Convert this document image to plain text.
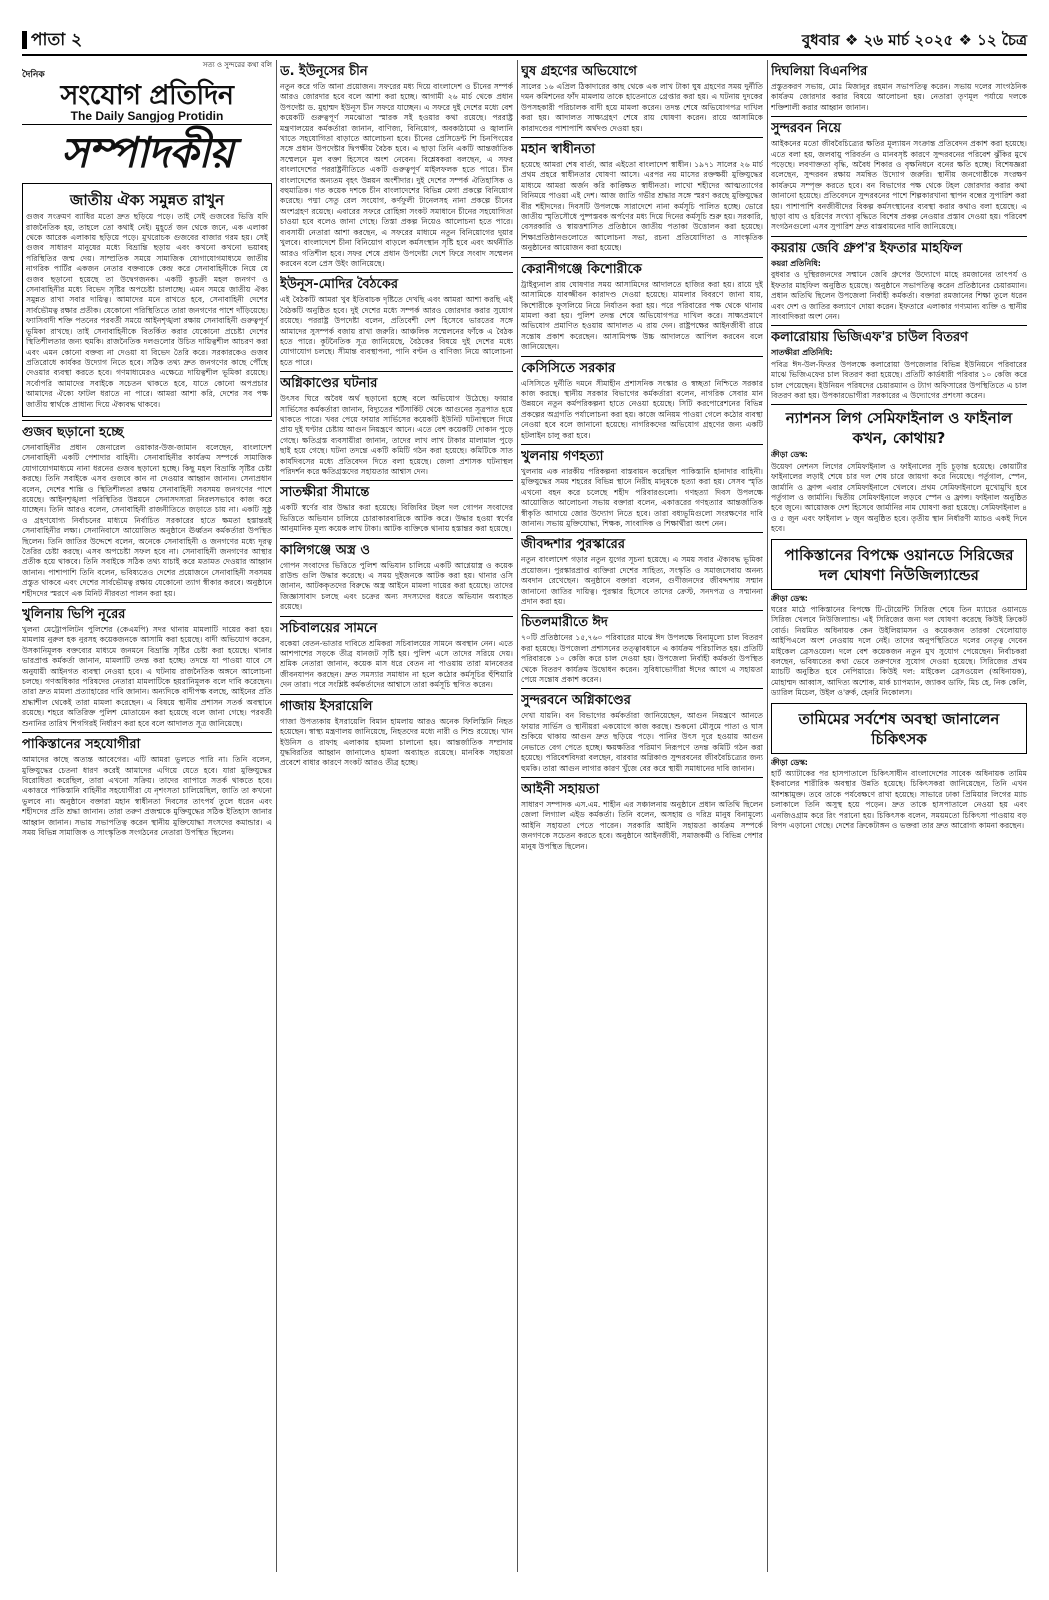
পাতা ২	বুধবার ❖ ২৬ মার্চ ২০২৫ ❖ ১২ চৈত্র
সত্য ও সুন্দরের কথা বলি
দৈনিক
সংযোগ প্রতিদিন
The Daily Sangjog Protidin
সম্পাদকীয়
জাতীয় ঐক্য সমুন্নত রাখুন

গুজব সংক্রমণ ব্যাধির মতো দ্রুত ছড়িয়ে পড়ে। তাই সেই গুজবের ভিত্তি যদি রাজনৈতিক হয়, তাহলে তো কথাই নেই। মুহূর্তে জন থেকে জনে, এক এলাকা থেকে আরেক এলাকায় ছড়িয়ে পড়ে। মুখরোচক গুজবের বাজার গরম হয়। সেই গুজব সাধারণ মানুষের মধ্যে বিভ্রান্তি ছড়ায় এবং কখনো কখনো ভয়াবহ পরিস্থিতির জন্ম দেয়। সাম্প্রতিক সময়ে সামাজিক যোগাযোগমাধ্যমে জাতীয় নাগরিক পার্টির একজন নেতার বক্তব্যকে কেন্দ্র করে সেনাবাহিনীকে নিয়ে যে গুজব ছড়ানো হয়েছে তা উদ্বেগজনক। একটি কুচক্রী মহল জনগণ ও সেনাবাহিনীর মধ্যে বিভেদ সৃষ্টির অপচেষ্টা চালাচ্ছে। এমন সময়ে জাতীয় ঐক্য সমুন্নত রাখা সবার দায়িত্ব। আমাদের মনে রাখতে হবে, সেনাবাহিনী দেশের সার্বভৌমত্ব রক্ষার প্রতীক। যেকোনো পরিস্থিতিতে তারা জনগণের পাশে দাঁড়িয়েছে। ফ্যাসিবাদী শক্তি পতনের পরবর্তী সময়ে আইনশৃঙ্খলা রক্ষায় সেনাবাহিনী গুরুত্বপূর্ণ ভূমিকা রাখছে। তাই সেনাবাহিনীকে বিতর্কিত করার যেকোনো প্রচেষ্টা দেশের স্থিতিশীলতার জন্য হুমকি। রাজনৈতিক দলগুলোর উচিত দায়িত্বশীল আচরণ করা এবং এমন কোনো বক্তব্য না দেওয়া যা বিভেদ তৈরি করে। সরকারকেও গুজব প্রতিরোধে কার্যকর উদ্যোগ নিতে হবে। সঠিক তথ্য দ্রুত জনগণের কাছে পৌঁছে দেওয়ার ব্যবস্থা করতে হবে। গণমাধ্যমেরও এক্ষেত্রে দায়িত্বশীল ভূমিকা রয়েছে। সর্বোপরি আমাদের সবাইকে সচেতন থাকতে হবে, যাতে কোনো অপপ্রচার আমাদের ঐক্যে ফাটল ধরাতে না পারে। আমরা আশা করি, দেশের সব পক্ষ জাতীয় স্বার্থকে প্রাধান্য দিয়ে ঐক্যবদ্ধ থাকবে।

গুজব ছড়ানো হচ্ছে

সেনাবাহিনীর প্রধান জেনারেল ওয়াকার-উজ-জামান বলেছেন, বাংলাদেশ সেনাবাহিনী একটি পেশাদার বাহিনী। সেনাবাহিনীর কার্যক্রম সম্পর্কে সামাজিক যোগাযোগমাধ্যমে নানা ধরনের গুজব ছড়ানো হচ্ছে। কিছু মহল বিভ্রান্তি সৃষ্টির চেষ্টা করছে। তিনি সবাইকে এসব গুজবে কান না দেওয়ার আহ্বান জানান। সেনাপ্রধান বলেন, দেশের শান্তি ও স্থিতিশীলতা রক্ষায় সেনাবাহিনী সবসময় জনগণের পাশে রয়েছে। আইনশৃঙ্খলা পরিস্থিতির উন্নয়নে সেনাসদস্যরা নিরলসভাবে কাজ করে যাচ্ছেন। তিনি আরও বলেন, সেনাবাহিনী রাজনীতিতে জড়াতে চায় না। একটি সুষ্ঠু ও গ্রহণযোগ্য নির্বাচনের মাধ্যমে নির্বাচিত সরকারের হাতে ক্ষমতা হস্তান্তরই সেনাবাহিনীর লক্ষ্য। সেনানিবাসে আয়োজিত অনুষ্ঠানে ঊর্ধ্বতন কর্মকর্তারা উপস্থিত ছিলেন। তিনি জাতির উদ্দেশে বলেন, অনেকে সেনাবাহিনী ও জনগণের মধ্যে দূরত্ব তৈরির চেষ্টা করছে। এসব অপচেষ্টা সফল হবে না। সেনাবাহিনী জনগণের আস্থার প্রতীক হয়ে থাকবে। তিনি সবাইকে সঠিক তথ্য যাচাই করে মতামত দেওয়ার আহ্বান জানান। পাশাপাশি তিনি বলেন, ভবিষ্যতেও দেশের প্রয়োজনে সেনাবাহিনী সবসময় প্রস্তুত থাকবে এবং দেশের সার্বভৌমত্ব রক্ষায় যেকোনো ত্যাগ স্বীকার করবে। অনুষ্ঠানে শহীদদের স্মরণে এক মিনিট নীরবতা পালন করা হয়।

খুলিনায় ভিপি নূরের

খুলনা মেট্রোপলিটন পুলিশের (কেএমপি) সদর থানায় মামলাটি দায়ের করা হয়। মামলায় নুরুল হক নুরসহ কয়েকজনকে আসামি করা হয়েছে। বাদী অভিযোগ করেন, উসকানিমূলক বক্তব্যের মাধ্যমে জনমনে বিভ্রান্তি সৃষ্টির চেষ্টা করা হয়েছে। থানার ভারপ্রাপ্ত কর্মকর্তা জানান, মামলাটি তদন্ত করা হচ্ছে। তদন্তে যা পাওয়া যাবে সে অনুযায়ী আইনগত ব্যবস্থা নেওয়া হবে। এ ঘটনায় রাজনৈতিক অঙ্গনে আলোচনা চলছে। গণঅধিকার পরিষদের নেতারা মামলাটিকে হয়রানিমূলক বলে দাবি করেছেন। তারা দ্রুত মামলা প্রত্যাহারের দাবি জানান। অন্যদিকে বাদীপক্ষ বলছে, আইনের প্রতি শ্রদ্ধাশীল থেকেই তারা মামলা করেছেন। এ বিষয়ে স্থানীয় প্রশাসন সতর্ক অবস্থানে রয়েছে। শহরে অতিরিক্ত পুলিশ মোতায়েন করা হয়েছে বলে জানা গেছে। পরবর্তী শুনানির তারিখ শিগগিরই নির্ধারণ করা হবে বলে আদালত সূত্র জানিয়েছে।

পাকিস্তানের সহযোগীরা

আমাদের কাছে অত্যন্ত আবেগের। এটি আমরা ভুলতে পারি না। তিনি বলেন, মুক্তিযুদ্ধের চেতনা ধারণ করেই আমাদের এগিয়ে যেতে হবে। যারা মুক্তিযুদ্ধের বিরোধিতা করেছিল, তারা এখনো সক্রিয়। তাদের ব্যাপারে সতর্ক থাকতে হবে। একাত্তরে পাকিস্তানি বাহিনীর সহযোগীরা যে নৃশংসতা চালিয়েছিল, জাতি তা কখনো ভুলবে না। অনুষ্ঠানে বক্তারা মহান স্বাধীনতা দিবসের তাৎপর্য তুলে ধরেন এবং শহীদদের প্রতি শ্রদ্ধা জানান। তারা তরুণ প্রজন্মকে মুক্তিযুদ্ধের সঠিক ইতিহাস জানার আহ্বান জানান। সভায় সভাপতিত্ব করেন স্থানীয় মুক্তিযোদ্ধা সংসদের কমান্ডার। এ সময় বিভিন্ন সামাজিক ও সাংস্কৃতিক সংগঠনের নেতারা উপস্থিত ছিলেন।

ড. ইউনূসের চীন

নতুন করে গতি আনা প্রয়োজন। সফরের মধ্য দিয়ে বাংলাদেশ ও চীনের সম্পর্ক আরও জোরদার হবে বলে আশা করা হচ্ছে। আগামী ২৬ মার্চ থেকে প্রধান উপদেষ্টা ড. মুহাম্মদ ইউনূস চীন সফরে যাচ্ছেন। এ সফরে দুই দেশের মধ্যে বেশ কয়েকটি গুরুত্বপূর্ণ সমঝোতা স্মারক সই হওয়ার কথা রয়েছে। পররাষ্ট্র মন্ত্রণালয়ের কর্মকর্তারা জানান, বাণিজ্য, বিনিয়োগ, অবকাঠামো ও জ্বালানি খাতে সহযোগিতা বাড়াতে আলোচনা হবে। চীনের প্রেসিডেন্ট শি চিনপিংয়ের সঙ্গে প্রধান উপদেষ্টার দ্বিপক্ষীয় বৈঠক হবে। এ ছাড়া তিনি একটি আন্তর্জাতিক সম্মেলনে মূল বক্তা হিসেবে অংশ নেবেন। বিশ্লেষকরা বলছেন, এ সফর বাংলাদেশের পররাষ্ট্রনীতিতে একটি গুরুত্বপূর্ণ মাইলফলক হতে পারে। চীন বাংলাদেশের অন্যতম বৃহৎ উন্নয়ন অংশীদার। দুই দেশের সম্পর্ক ঐতিহাসিক ও বহুমাত্রিক। গত কয়েক দশকে চীন বাংলাদেশের বিভিন্ন মেগা প্রকল্পে বিনিয়োগ করেছে। পদ্মা সেতু রেল সংযোগ, কর্ণফুলী টানেলসহ নানা প্রকল্পে চীনের অংশগ্রহণ রয়েছে। এবারের সফরে রোহিঙ্গা সংকট সমাধানে চীনের সহযোগিতা চাওয়া হবে বলেও জানা গেছে। তিস্তা প্রকল্প নিয়েও আলোচনা হতে পারে। ব্যবসায়ী নেতারা আশা করছেন, এ সফরের মাধ্যমে নতুন বিনিয়োগের দুয়ার খুলবে। বাংলাদেশে চীনা বিনিয়োগ বাড়লে কর্মসংস্থান সৃষ্টি হবে এবং অর্থনীতি আরও গতিশীল হবে। সফর শেষে প্রধান উপদেষ্টা দেশে ফিরে সংবাদ সম্মেলন করবেন বলে প্রেস উইং জানিয়েছে।

ইউনূস-মোদির বৈঠকের

এই বৈঠকটি আমরা খুব ইতিবাচক দৃষ্টিতে দেখছি এবং আমরা আশা করছি এই বৈঠকটি অনুষ্ঠিত হবে। দুই দেশের মধ্যে সম্পর্ক আরও জোরদার করার সুযোগ রয়েছে। পররাষ্ট্র উপদেষ্টা বলেন, প্রতিবেশী দেশ হিসেবে ভারতের সঙ্গে আমাদের সুসম্পর্ক বজায় রাখা জরুরি। আঞ্চলিক সম্মেলনের ফাঁকে এ বৈঠক হতে পারে। কূটনৈতিক সূত্র জানিয়েছে, বৈঠকের বিষয়ে দুই দেশের মধ্যে যোগাযোগ চলছে। সীমান্ত ব্যবস্থাপনা, পানি বণ্টন ও বাণিজ্য নিয়ে আলোচনা হতে পারে।

অগ্নিকাণ্ডের ঘটনার

উৎসব ঘিরে অবৈধ অর্থ ছড়ানো হচ্ছে বলে অভিযোগ উঠেছে। ফায়ার সার্ভিসের কর্মকর্তারা জানান, বিদ্যুতের শর্টসার্কিট থেকে আগুনের সূত্রপাত হয়ে থাকতে পারে। খবর পেয়ে ফায়ার সার্ভিসের কয়েকটি ইউনিট ঘটনাস্থলে গিয়ে প্রায় দুই ঘণ্টার চেষ্টায় আগুন নিয়ন্ত্রণে আনে। এতে বেশ কয়েকটি দোকান পুড়ে গেছে। ক্ষতিগ্রস্ত ব্যবসায়ীরা জানান, তাদের লাখ লাখ টাকার মালামাল পুড়ে ছাই হয়ে গেছে। ঘটনা তদন্তে একটি কমিটি গঠন করা হয়েছে। কমিটিকে সাত কার্যদিবসের মধ্যে প্রতিবেদন দিতে বলা হয়েছে। জেলা প্রশাসক ঘটনাস্থল পরিদর্শন করে ক্ষতিগ্রস্তদের সহায়তার আশ্বাস দেন।

সাতক্ষীরা সীমান্তে

একটি স্বর্ণের বার উদ্ধার করা হয়েছে। বিজিবির টহল দল গোপন সংবাদের ভিত্তিতে অভিযান চালিয়ে চোরাকারবারিকে আটক করে। উদ্ধার হওয়া স্বর্ণের আনুমানিক মূল্য কয়েক লাখ টাকা। আটক ব্যক্তিকে থানায় হস্তান্তর করা হয়েছে।

কালিগঞ্জে অস্ত্র ও

গোপন সংবাদের ভিত্তিতে পুলিশ অভিযান চালিয়ে একটি আগ্নেয়াস্ত্র ও কয়েক রাউন্ড গুলি উদ্ধার করেছে। এ সময় দুইজনকে আটক করা হয়। থানার ওসি জানান, আটককৃতদের বিরুদ্ধে অস্ত্র আইনে মামলা দায়ের করা হয়েছে। তাদের জিজ্ঞাসাবাদ চলছে এবং চক্রের অন্য সদস্যদের ধরতে অভিযান অব্যাহত রয়েছে।

সচিবালয়ের সামনে

বকেয়া বেতন-ভাতার দাবিতে শ্রমিকরা সচিবালয়ের সামনে অবস্থান নেন। এতে আশপাশের সড়কে তীব্র যানজট সৃষ্টি হয়। পুলিশ এসে তাদের সরিয়ে দেয়। শ্রমিক নেতারা জানান, কয়েক মাস ধরে বেতন না পাওয়ায় তারা মানবেতর জীবনযাপন করছেন। দ্রুত সমস্যার সমাধান না হলে কঠোর কর্মসূচির হুঁশিয়ারি দেন তারা। পরে সংশ্লিষ্ট কর্মকর্তাদের আশ্বাসে তারা কর্মসূচি স্থগিত করেন।

গাজায় ইসরায়েলি

গাজা উপত্যকায় ইসরায়েলি বিমান হামলায় আরও অনেক ফিলিস্তিনি নিহত হয়েছেন। স্বাস্থ্য মন্ত্রণালয় জানিয়েছে, নিহতদের মধ্যে নারী ও শিশু রয়েছে। খান ইউনিস ও রাফাহ এলাকায় হামলা চালানো হয়। আন্তর্জাতিক সম্প্রদায় যুদ্ধবিরতির আহ্বান জানালেও হামলা অব্যাহত রয়েছে। মানবিক সহায়তা প্রবেশে বাধার কারণে সংকট আরও তীব্র হচ্ছে।

ঘুষ গ্রহণের অভিযোগে

সালের ১৬ এপ্রিল ঠিকাদারের কাছ থেকে এক লাখ টাকা ঘুষ গ্রহণের সময় দুর্নীতি দমন কমিশনের ফাঁদ মামলায় তাকে হাতেনাতে গ্রেপ্তার করা হয়। এ ঘটনায় দুদকের উপসহকারী পরিচালক বাদী হয়ে মামলা করেন। তদন্ত শেষে অভিযোগপত্র দাখিল করা হয়। আদালত সাক্ষ্যগ্রহণ শেষে রায় ঘোষণা করেন। রায়ে আসামিকে কারাদণ্ডের পাশাপাশি অর্থদণ্ড দেওয়া হয়।

মহান স্বাধীনতা

হয়েছে আমরা শেষ বার্তা, আর এইতো বাংলাদেশ স্বাধীন। ১৯৭১ সালের ২৬ মার্চ প্রথম প্রহরে স্বাধীনতার ঘোষণা আসে। এরপর নয় মাসের রক্তক্ষয়ী মুক্তিযুদ্ধের মাধ্যমে আমরা অর্জন করি কাঙ্ক্ষিত স্বাধীনতা। লাখো শহীদের আত্মত্যাগের বিনিময়ে পাওয়া এই দেশ। আজ জাতি গভীর শ্রদ্ধার সঙ্গে স্মরণ করছে মুক্তিযুদ্ধের বীর শহীদদের। দিবসটি উপলক্ষে সারাদেশে নানা কর্মসূচি পালিত হচ্ছে। ভোরে জাতীয় স্মৃতিসৌধে পুষ্পস্তবক অর্পণের মধ্য দিয়ে দিনের কর্মসূচি শুরু হয়। সরকারি, বেসরকারি ও স্বায়ত্তশাসিত প্রতিষ্ঠানে জাতীয় পতাকা উত্তোলন করা হয়েছে। শিক্ষাপ্রতিষ্ঠানগুলোতে আলোচনা সভা, রচনা প্রতিযোগিতা ও সাংস্কৃতিক অনুষ্ঠানের আয়োজন করা হয়েছে।

কেরানীগঞ্জে কিশোরীকে

ট্রাইব্যুনাল রায় ঘোষণার সময় আসামিদের আদালতে হাজির করা হয়। রায়ে দুই আসামিকে যাবজ্জীবন কারাদণ্ড দেওয়া হয়েছে। মামলার বিবরণে জানা যায়, কিশোরীকে ফুসলিয়ে নিয়ে নির্যাতন করা হয়। পরে পরিবারের পক্ষ থেকে থানায় মামলা করা হয়। পুলিশ তদন্ত শেষে অভিযোগপত্র দাখিল করে। সাক্ষ্যপ্রমাণে অভিযোগ প্রমাণিত হওয়ায় আদালত এ রায় দেন। রাষ্ট্রপক্ষের আইনজীবী রায়ে সন্তোষ প্রকাশ করেছেন। আসামিপক্ষ উচ্চ আদালতে আপিল করবেন বলে জানিয়েছেন।

কেসিসিতে সরকার

এসিসিতে দুর্নীতি দমনে সীমাহীন প্রশাসনিক সংস্কার ও স্বচ্ছতা নিশ্চিতে সরকার কাজ করছে। স্থানীয় সরকার বিভাগের কর্মকর্তারা বলেন, নাগরিক সেবার মান উন্নয়নে নতুন কর্মপরিকল্পনা হাতে নেওয়া হয়েছে। সিটি করপোরেশনের বিভিন্ন প্রকল্পের অগ্রগতি পর্যালোচনা করা হয়। কাজে অনিয়ম পাওয়া গেলে কঠোর ব্যবস্থা নেওয়া হবে বলে জানানো হয়েছে। নাগরিকদের অভিযোগ গ্রহণের জন্য একটি হটলাইন চালু করা হবে।

খুলনায় গণহত্যা

খুলনায় এক নারকীয় পরিকল্পনা বাস্তবায়ন করেছিল পাকিস্তানি হানাদার বাহিনী। মুক্তিযুদ্ধের সময় শহরের বিভিন্ন স্থানে নিরীহ মানুষকে হত্যা করা হয়। সেসব স্মৃতি এখনো বহন করে চলেছে শহীদ পরিবারগুলো। গণহত্যা দিবস উপলক্ষে আয়োজিত আলোচনা সভায় বক্তারা বলেন, একাত্তরের গণহত্যার আন্তর্জাতিক স্বীকৃতি আদায়ে জোর উদ্যোগ নিতে হবে। তারা বধ্যভূমিগুলো সংরক্ষণের দাবি জানান। সভায় মুক্তিযোদ্ধা, শিক্ষক, সাংবাদিক ও শিক্ষার্থীরা অংশ নেন।

জীবদ্দশার পুরস্কারের

নতুন বাংলাদেশ গড়ার নতুন যুগের সূচনা হয়েছে। এ সময় সবার ঐক্যবদ্ধ ভূমিকা প্রয়োজন। পুরস্কারপ্রাপ্ত ব্যক্তিরা দেশের সাহিত্য, সংস্কৃতি ও সমাজসেবায় অনন্য অবদান রেখেছেন। অনুষ্ঠানে বক্তারা বলেন, গুণীজনদের জীবদ্দশায় সম্মান জানানো জাতির দায়িত্ব। পুরস্কার হিসেবে তাদের ক্রেস্ট, সনদপত্র ও সম্মাননা প্রদান করা হয়।

চিতলমারীতে ঈদ

৭০টি প্রতিষ্ঠানের ১৫,৭৬০ পরিবারের মাঝে ঈদ উপলক্ষে বিনামূল্যে চাল বিতরণ করা হয়েছে। উপজেলা প্রশাসনের তত্ত্বাবধানে এ কার্যক্রম পরিচালিত হয়। প্রতিটি পরিবারকে ১০ কেজি করে চাল দেওয়া হয়। উপজেলা নির্বাহী কর্মকর্তা উপস্থিত থেকে বিতরণ কার্যক্রম উদ্বোধন করেন। সুবিধাভোগীরা ঈদের আগে এ সহায়তা পেয়ে সন্তোষ প্রকাশ করেন।

সুন্দরবনে অগ্নিকাণ্ডের

দেখা যায়নি। বন বিভাগের কর্মকর্তারা জানিয়েছেন, আগুন নিয়ন্ত্রণে আনতে ফায়ার সার্ভিস ও স্থানীয়রা একযোগে কাজ করছে। শুকনো মৌসুমে পাতা ও ঘাস শুকিয়ে থাকায় আগুন দ্রুত ছড়িয়ে পড়ে। পানির উৎস দূরে হওয়ায় আগুন নেভাতে বেগ পেতে হচ্ছে। ক্ষয়ক্ষতির পরিমাণ নিরূপণে তদন্ত কমিটি গঠন করা হয়েছে। পরিবেশবিদরা বলছেন, বারবার অগ্নিকাণ্ড সুন্দরবনের জীববৈচিত্র্যের জন্য হুমকি। তারা আগুন লাগার কারণ খুঁজে বের করে স্থায়ী সমাধানের দাবি জানান।

আইনী সহায়তা

সাধারণ সম্পাদক এস.এম. শাহীন এর সঞ্চালনায় অনুষ্ঠানে প্রধান অতিথি ছিলেন জেলা লিগ্যাল এইড কর্মকর্তা। তিনি বলেন, অসহায় ও দরিদ্র মানুষ বিনামূল্যে আইনি সহায়তা পেতে পারেন। সরকারি আইনি সহায়তা কার্যক্রম সম্পর্কে জনগণকে সচেতন করতে হবে। অনুষ্ঠানে আইনজীবী, সমাজকর্মী ও বিভিন্ন পেশার মানুষ উপস্থিত ছিলেন।

দিঘলিয়া বিএনপির

প্রস্তুতকরণ সভায়, মোঃ মিজানুর রহমান সভাপতিত্ব করেন। সভায় দলের সাংগঠনিক কার্যক্রম জোরদার করার বিষয়ে আলোচনা হয়। নেতারা তৃণমূল পর্যায়ে দলকে শক্তিশালী করার আহ্বান জানান।

সুন্দরবন নিয়ে

আইকনের মতো জীববৈচিত্র্যের ক্ষতির মূল্যায়ন সংক্রান্ত প্রতিবেদন প্রকাশ করা হয়েছে। এতে বলা হয়, জলবায়ু পরিবর্তন ও মানবসৃষ্ট কারণে সুন্দরবনের পরিবেশ ঝুঁকির মুখে পড়েছে। লবণাক্ততা বৃদ্ধি, অবৈধ শিকার ও বৃক্ষনিধনে বনের ক্ষতি হচ্ছে। বিশেষজ্ঞরা বলেছেন, সুন্দরবন রক্ষায় সমন্বিত উদ্যোগ জরুরি। স্থানীয় জনগোষ্ঠীকে সংরক্ষণ কার্যক্রমে সম্পৃক্ত করতে হবে। বন বিভাগের পক্ষ থেকে টহল জোরদার করার কথা জানানো হয়েছে। প্রতিবেদনে সুন্দরবনের পাশে শিল্পকারখানা স্থাপন বন্ধের সুপারিশ করা হয়। পাশাপাশি বনজীবীদের বিকল্প কর্মসংস্থানের ব্যবস্থা করার কথাও বলা হয়েছে। এ ছাড়া বাঘ ও হরিণের সংখ্যা বৃদ্ধিতে বিশেষ প্রকল্প নেওয়ার প্রস্তাব দেওয়া হয়। পরিবেশ সংগঠনগুলো এসব সুপারিশ দ্রুত বাস্তবায়নের দাবি জানিয়েছে।

কয়রায় জেবি গ্রুপ'র ইফতার মাহফিল
কয়রা প্রতিনিধি:

বুধবার ও দুস্থিরজনদের সম্মানে জেবি গ্রুপের উদ্যোগে মাহে রমজানের তাৎপর্য ও ইফতার মাহফিল অনুষ্ঠিত হয়েছে। অনুষ্ঠানে সভাপতিত্ব করেন প্রতিষ্ঠানের চেয়ারম্যান। প্রধান অতিথি ছিলেন উপজেলা নির্বাহী কর্মকর্তা। বক্তারা রমজানের শিক্ষা তুলে ধরেন এবং দেশ ও জাতির কল্যাণে দোয়া করেন। ইফতারে এলাকার গণ্যমান্য ব্যক্তি ও স্থানীয় সাংবাদিকরা অংশ নেন।

কলারোয়ায় ভিজিএফ'র চাউল বিতরণ
সাতক্ষীরা প্রতিনিধি:

পবিত্র ঈদ-উল-ফিতর উপলক্ষে কলারোয়া উপজেলার বিভিন্ন ইউনিয়নে পরিবারের মাঝে ভিজিএফের চাল বিতরণ করা হয়েছে। প্রতিটি কার্ডধারী পরিবার ১০ কেজি করে চাল পেয়েছেন। ইউনিয়ন পরিষদের চেয়ারম্যান ও ট্যাগ অফিসারের উপস্থিতিতে এ চাল বিতরণ করা হয়। উপকারভোগীরা সরকারের এ উদ্যোগের প্রশংসা করেন।

ন্যাশনস লিগ সেমিফাইনাল ও ফাইনাল কখন, কোথায়?
ক্রীড়া ডেস্ক:

উয়েফা নেশনস লিগের সেমিফাইনাল ও ফাইনালের সূচি চূড়ান্ত হয়েছে। কোয়ার্টার ফাইনালের লড়াই শেষে চার দল শেষ চারে জায়গা করে নিয়েছে। পর্তুগাল, স্পেন, জার্মানি ও ফ্রান্স এবার সেমিফাইনালে খেলবে। প্রথম সেমিফাইনালে মুখোমুখি হবে পর্তুগাল ও জার্মানি। দ্বিতীয় সেমিফাইনালে লড়বে স্পেন ও ফ্রান্স। ফাইনাল অনুষ্ঠিত হবে জুনে। আয়োজক দেশ হিসেবে জার্মানির নাম ঘোষণা করা হয়েছে। সেমিফাইনাল ৪ ও ৫ জুন এবং ফাইনাল ৮ জুন অনুষ্ঠিত হবে। তৃতীয় স্থান নির্ধারণী ম্যাচও একই দিনে হবে।

পাকিস্তানের বিপক্ষে ওয়ানডে সিরিজের দল ঘোষণা নিউজিল্যান্ডের
ক্রীড়া ডেস্ক:

ঘরের মাঠে পাকিস্তানের বিপক্ষে টি-টোয়েন্টি সিরিজ শেষে তিন ম্যাচের ওয়ানডে সিরিজ খেলবে নিউজিল্যান্ড। এই সিরিজের জন্য দল ঘোষণা করেছে কিউই ক্রিকেট বোর্ড। নিয়মিত অধিনায়ক কেন উইলিয়ামসন ও কয়েকজন তারকা খেলোয়াড় আইপিএলে অংশ নেওয়ায় দলে নেই। তাদের অনুপস্থিতিতে দলের নেতৃত্ব দেবেন মাইকেল ব্রেসওয়েল। দলে বেশ কয়েকজন নতুন মুখ সুযোগ পেয়েছেন। নির্বাচকরা বলছেন, ভবিষ্যতের কথা ভেবে তরুণদের সুযোগ দেওয়া হয়েছে। সিরিজের প্রথম ম্যাচটি অনুষ্ঠিত হবে নেপিয়ারে। কিউই দল: মাইকেল ব্রেসওয়েল (অধিনায়ক), মোহাম্মদ আব্বাস, আদিত্য অশোক, মার্ক চ্যাপম্যান, জ্যাকব ডাফি, মিচ হে, নিক কেলি, ড্যারিল মিচেল, উইল ও'রুর্ক, হেনরি নিকোলস।

তামিমের সর্বশেষ অবস্থা জানালেন চিকিৎসক
ক্রীড়া ডেস্ক:

হার্ট অ্যাটাকের পর হাসপাতালে চিকিৎসাধীন বাংলাদেশের সাবেক অধিনায়ক তামিম ইকবালের শারীরিক অবস্থার উন্নতি হয়েছে। চিকিৎসকরা জানিয়েছেন, তিনি এখন আশঙ্কামুক্ত। তবে তাকে পর্যবেক্ষণে রাখা হয়েছে। সাভারে ঢাকা প্রিমিয়ার লিগের ম্যাচ চলাকালে তিনি অসুস্থ হয়ে পড়েন। দ্রুত তাকে হাসপাতালে নেওয়া হয় এবং এনজিওগ্রাম করে রিং পরানো হয়। চিকিৎসক বলেন, সময়মতো চিকিৎসা পাওয়ায় বড় বিপদ এড়ানো গেছে। দেশের ক্রিকেটাঙ্গন ও ভক্তরা তার দ্রুত আরোগ্য কামনা করছেন।
